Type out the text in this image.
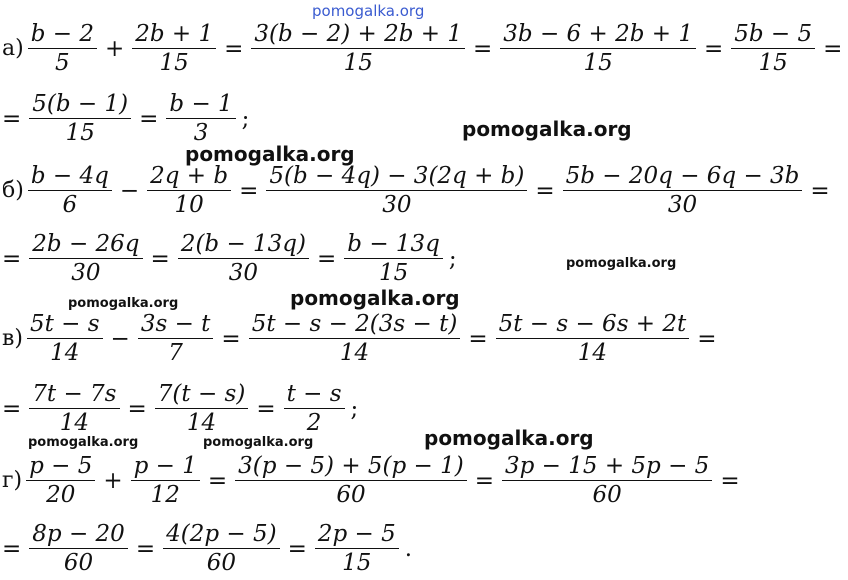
pomogalka.org
pomogalka.org
pomogalka.org
pomogalka.org
pomogalka.org
pomogalka.org
pomogalka.org
pomogalka.org	pomogalka.org
$а) \frac{b - 2}{5} + \frac{2b + 1}{15} = \frac{3(b - 2) + 2b + 1}{15} = \frac{3b - 6 + 2b + 1}{15} = \frac{5b - 5}{15}$ =
= $\frac{5(b - 1)}{15} = \frac{b - 1}{3}$ ;
$б) \frac{b - 4q}{6} - \frac{2q + b}{10} = \frac{5(b - 4q) - 3(2q + b)}{30} = \frac{5b - 20q - 6q - 3b}{30}$ =
= $\frac{2b - 26q}{30} = \frac{2(b - 13q)}{30} = \frac{b - 13q}{15}$ ;
$в) \frac{5t - s}{14} - \frac{3s - t}{7} = \frac{5t - s - 2(3s - t)}{14} = \frac{5t - s - 6s + 2t}{14}$ =
= $\frac{7t - 7s}{14} = \frac{7(t - s)}{14} = \frac{t - s}{2}$ ;
$г) \frac{p - 5}{20} + \frac{p - 1}{12} = \frac{3(p - 5) + 5(p - 1)}{60} = \frac{3p - 15 + 5p - 5}{60}$ =
= $\frac{8p - 20}{60} = \frac{4(2p - 5)}{60} = \frac{2p - 5}{15}$ .
